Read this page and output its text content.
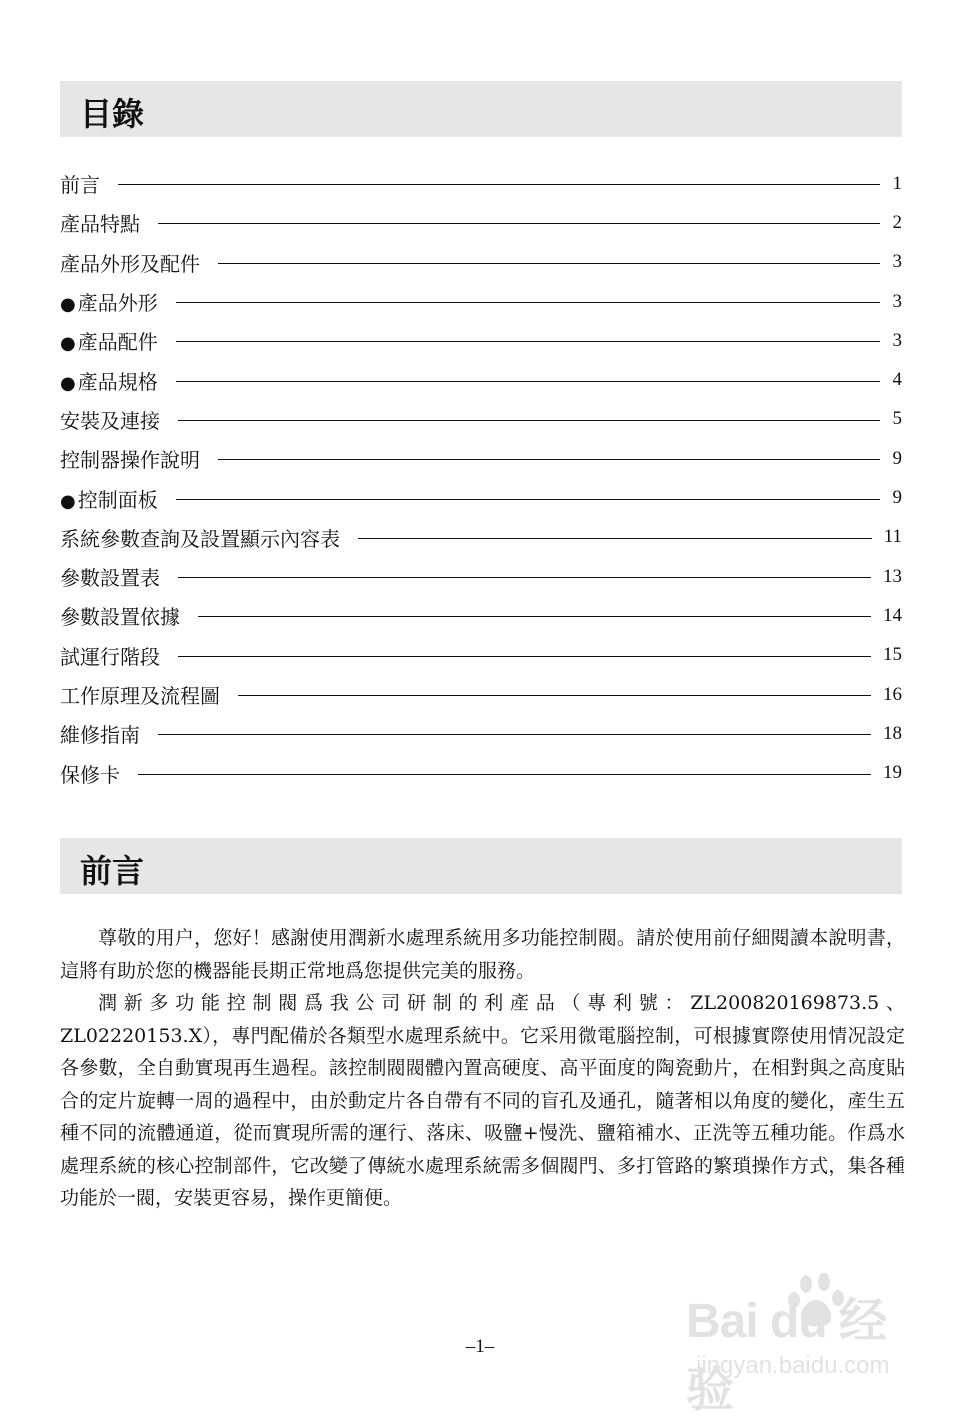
目錄
前言	1
產品特點	2
產品外形及配件	3
● 產品外形	3
● 產品配件	3
● 產品規格	4
安裝及連接	5
控制器操作說明	9
● 控制面板	9
系統參數查詢及設置顯示內容表	11
參數設置表	13
參數設置依據	14
試運行階段	15
工作原理及流程圖	16
維修指南	18
保修卡	19
前言

尊敬的用户，您好！感謝使用潤新水處理系統用多功能控制閥。請於使用前仔細閱讀本說明書，這將有助於您的機器能長期正常地爲您提供完美的服務。

潤新多功能控制閥爲我公司研制的利產品（專利號：ZL200820169873.5、ZL02220153.X），專門配備於各類型水處理系統中。它采用微電腦控制，可根據實際使用情况設定各參數，全自動實現再生過程。該控制閥閥體內置高硬度、高平面度的陶瓷動片，在相對與之高度貼合的定片旋轉一周的過程中，由於動定片各自帶有不同的盲孔及通孔，隨著相以角度的變化，產生五種不同的流體通道，從而實現所需的運行、落床、吸鹽+慢洗、鹽箱補水、正洗等五種功能。作爲水處理系統的核心控制部件，它改變了傳統水處理系統需多個閥門、多打管路的繁瑣操作方式，集各種功能於一閥，安裝更容易，操作更簡便。

–1–	Bai du 经验
jingyan.baidu.com
